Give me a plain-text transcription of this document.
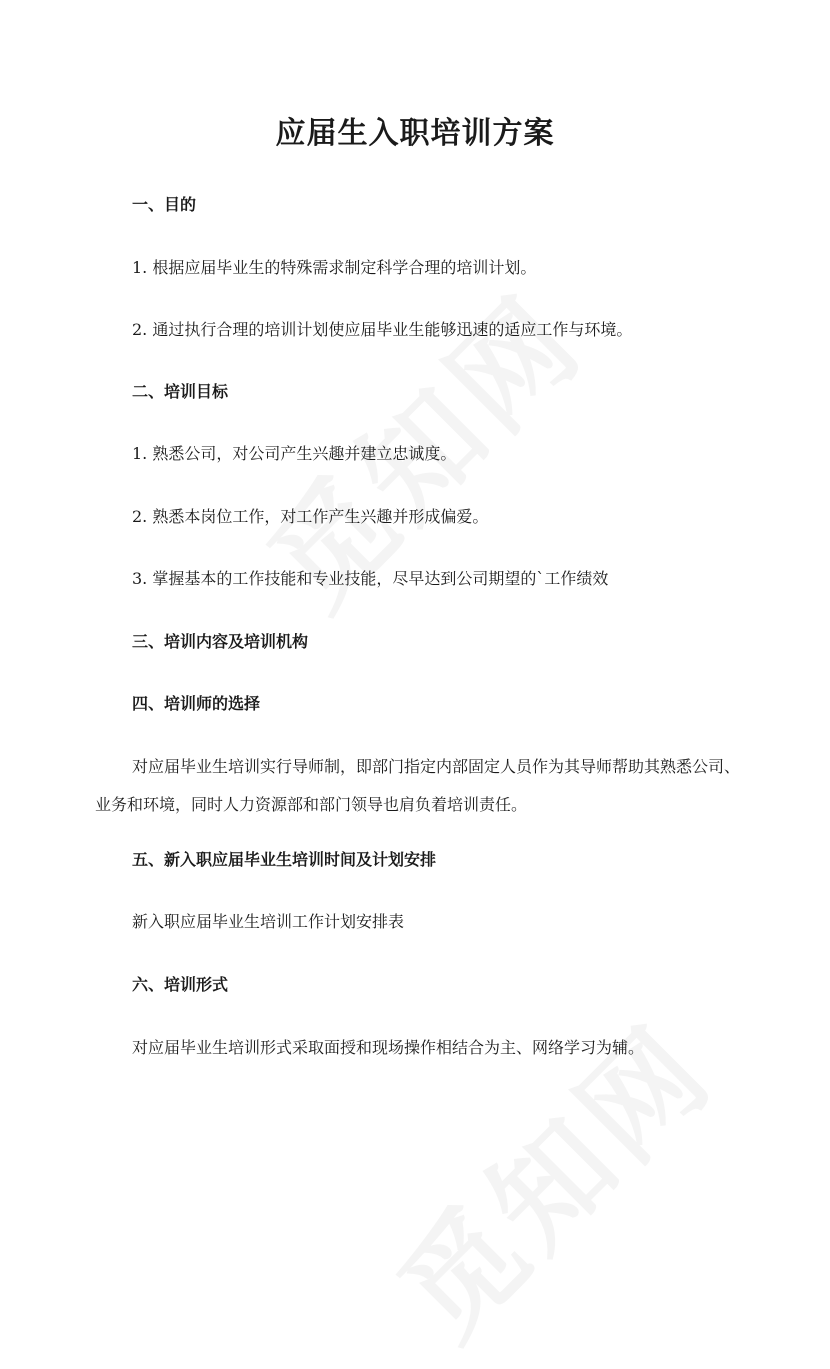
应届生入职培训方案
一、目的
1. 根据应届毕业生的特殊需求制定科学合理的培训计划。
2. 通过执行合理的培训计划使应届毕业生能够迅速的适应工作与环境。
二、培训目标
1. 熟悉公司，对公司产生兴趣并建立忠诚度。
2. 熟悉本岗位工作，对工作产生兴趣并形成偏爱。
3. 掌握基本的工作技能和专业技能，尽早达到公司期望的`工作绩效
三、培训内容及培训机构
四、培训师的选择
对应届毕业生培训实行导师制，即部门指定内部固定人员作为其导师帮助其熟悉公司、业务和环境，同时人力资源部和部门领导也肩负着培训责任。
五、新入职应届毕业生培训时间及计划安排
新入职应届毕业生培训工作计划安排表
六、培训形式
对应届毕业生培训形式采取面授和现场操作相结合为主、网络学习为辅。
